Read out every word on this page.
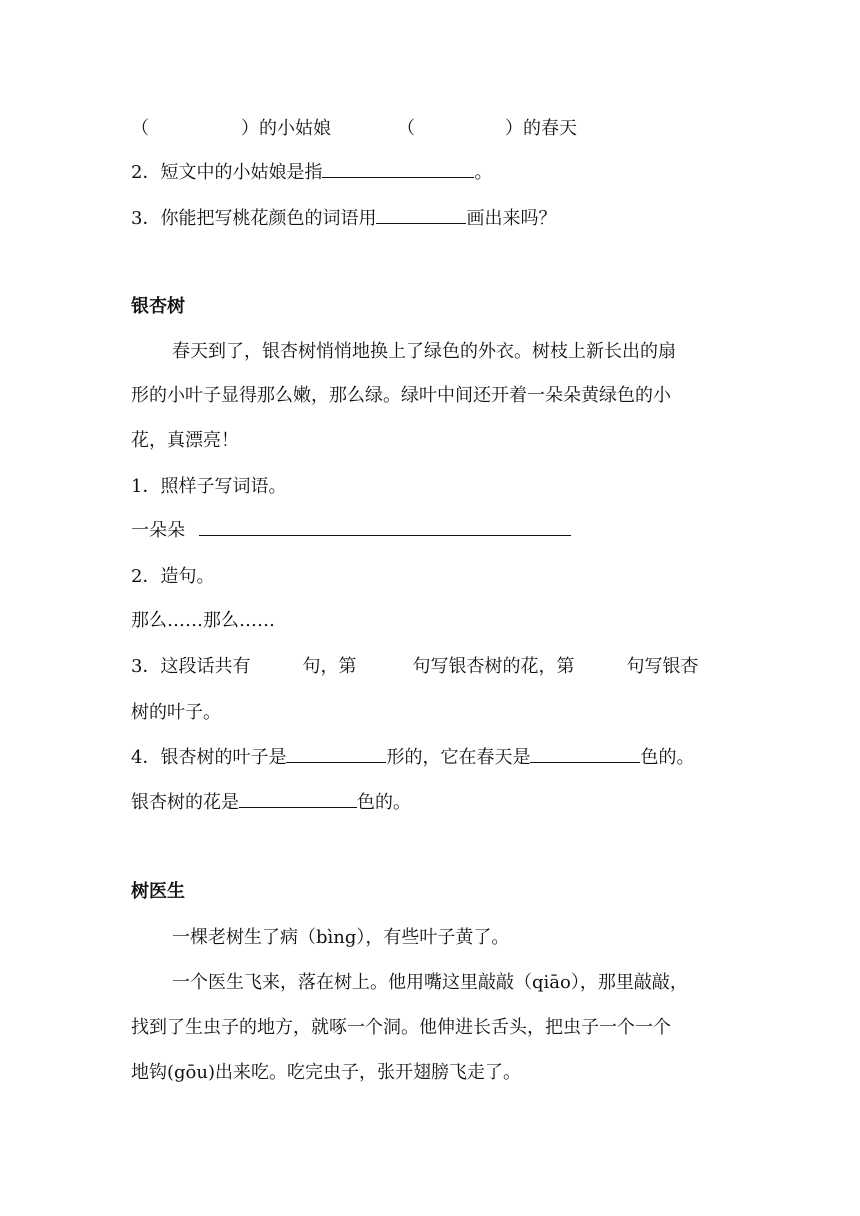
（	）的小姑娘	（	）的春天
2．短文中的小姑娘是指	。
3．你能把写桃花颜色的词语用	画出来吗？
银杏树
春天到了，银杏树悄悄地换上了绿色的外衣。树枝上新长出的扇
形的小叶子显得那么嫩，那么绿。绿叶中间还开着一朵朵黄绿色的小
花，真漂亮！
1．照样子写词语。
一朵朵
2．造句。
那么……那么……
3．这段话共有	句，第	句写银杏树的花，第	句写银杏
树的叶子。
4．银杏树的叶子是	形的，它在春天是	色的。
银杏树的花是	色的。
树医生
一棵老树生了病（bìng），有些叶子黄了。
一个医生飞来，落在树上。他用嘴这里敲敲（qiāo），那里敲敲，
找到了生虫子的地方，就啄一个洞。他伸进长舌头，把虫子一个一个
地钩(gōu)出来吃。吃完虫子，张开翅膀飞走了。
